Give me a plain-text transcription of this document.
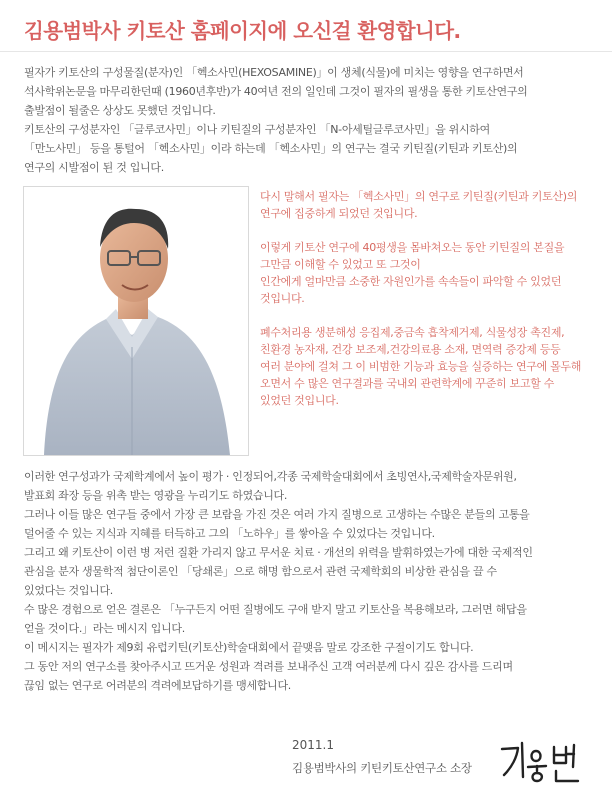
김용범박사 키토산 홈페이지에 오신걸 환영합니다.
필자가 키토산의 구성물질(분자)인 「헥소사민(HEXOSAMINE)」이 생체(식물)에 미치는 영향을 연구하면서
석사학위논문을 마무리한던때 (1960년후반)가 40여년 전의 일인데 그것이 필자의 필생을 통한 키토산연구의
출발점이 될줄은 상상도 못했던 것입니다.
키토산의 구성분자인 「글루코사민」이나 키틴질의 구성분자인 「N-아세틸글루코사민」을 위시하여
「만노사민」 등을 통털어 「헥소사민」이라 하는데 「헥소사민」의 연구는 결국 키틴질(키틴과 키토산)의
연구의 시발점이 된 것 입니다.
다시 말해서 필자는 「헥소사민」의 연구로 키틴질(키틴과 키토산)의
연구에 집중하게 되었던 것입니다.
이렇게 키토산 연구에 40평생을 몸바쳐오는 동안 키틴질의 본질을
그만큼 이해할 수 있었고 또 그것이
인간에게 얼마만큼 소중한 자원인가를 속속들이 파악할 수 있었던
것입니다.
폐수처리용 생분해성 응집제,중금속 흡착제거제, 식물성장 촉진제,
친환경 농자재, 건강 보조제,건강의료용 소재, 면역력 증강제 등등
여러 분야에 걸쳐 그 이 비범한 기능과 효능을 실증하는 연구에 몰두해
오면서 수 많은 연구결과를 국내외 관련학계에 꾸준히 보고할 수
있었던 것입니다.
이러한 연구성과가 국제학계에서 높이 평가 · 인정되어,각종 국제학술대회에서 초빙연사,국제학술자문위원,
발표회 좌장 등을 위촉 받는 영광을 누리기도 하였습니다.
그러나 이들 많은 연구들 중에서 가장 큰 보람을 가진 것은 여러 가지 질병으로 고생하는 수많은 분들의 고통을
덜어줄 수 있는 지식과 지혜를 터득하고 그의 「노하우」를 쌓아올 수 있었다는 것입니다.
그리고 왜 키토산이 이런 병 저런 질환 가리지 않고 무서운 치료 · 개선의 위력을 발휘하였는가에 대한 국제적인
관심을 분자 생물학적 첨단이론인 「당쇄론」으로 해명 함으로서 관련 국제학회의 비상한 관심을 끌 수
있었다는 것입니다.
수 많은 경험으로 얻은 결론은 「누구든지 어떤 질병에도 구애 받지 말고 키토산을 복용해보라, 그러면 해답을
얻을 것이다.」라는 메시지 입니다.
이 메시지는 필자가 제9회 유럽키틴(키토산)학술대회에서 끝맺음 말로 강조한 구절이기도 합니다.
그 동안 저의 연구소를 찾아주시고 뜨거운 성원과 격려를 보내주신 고객 여러분께 다시 깊은 감사를 드리며
끊임 없는 연구로 어려분의 격려에보답하기를 맹세합니다.
2011.1
김용범박사의 키틴키토산연구소 소장
